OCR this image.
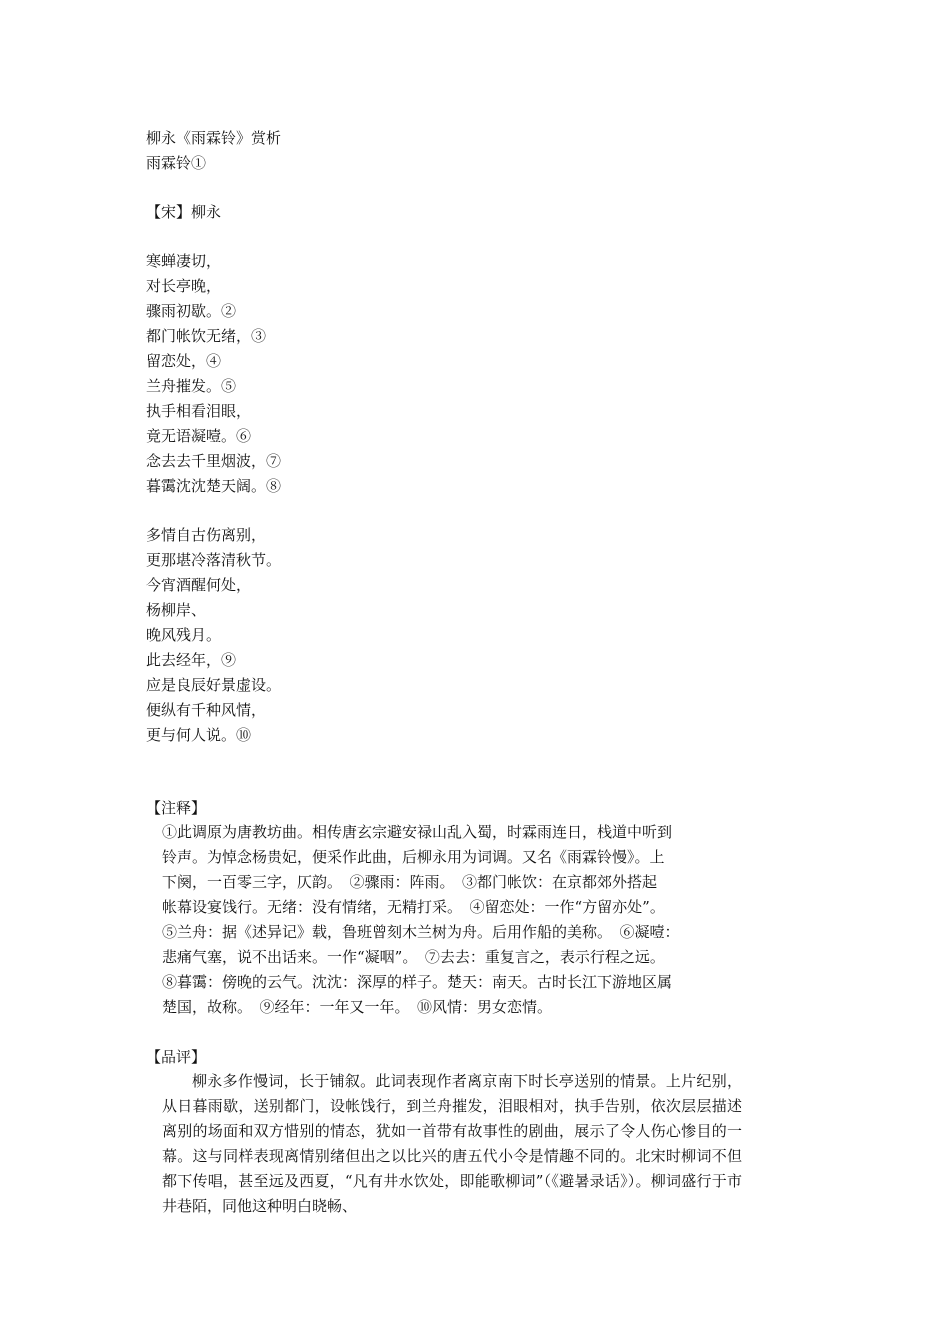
柳永《雨霖铃》赏析
雨霖铃①
【宋】柳永
寒蝉凄切，
对长亭晚，
骤雨初歇。②
都门帐饮无绪，③
留恋处，④
兰舟摧发。⑤
执手相看泪眼，
竟无语凝噎。⑥
念去去千里烟波，⑦
暮霭沈沈楚天阔。⑧
多情自古伤离别，
更那堪冷落清秋节。
今宵酒醒何处，
杨柳岸、
晚风残月。
此去经年，⑨
应是良辰好景虚设。
便纵有千种风情，
更与何人说。⑩
【注释】
①此调原为唐教坊曲。相传唐玄宗避安禄山乱入蜀，时霖雨连日，栈道中听到
铃声。为悼念杨贵妃，便采作此曲，后柳永用为词调。又名《雨霖铃慢》。上
下阕，一百零三字，仄韵。　②骤雨：阵雨。　③都门帐饮：在京都郊外搭起
帐幕设宴饯行。无绪：没有情绪，无精打采。　④留恋处：一作“方留亦处”。
⑤兰舟：据《述异记》载，鲁班曾刻木兰树为舟。后用作船的美称。　⑥凝噎：
悲痛气塞，说不出话来。一作“凝咽”。　⑦去去：重复言之，表示行程之远。
⑧暮霭：傍晚的云气。沈沈：深厚的样子。楚天：南天。古时长江下游地区属
楚国，故称。　⑨经年：一年又一年。　⑩风情：男女恋情。
【品评】
柳永多作慢词，长于铺叙。此词表现作者离京南下时长亭送别的情景。上片纪别，从日暮雨歇，送别都门，设帐饯行，到兰舟摧发，泪眼相对，执手告别，依次层层描述离别的场面和双方惜别的情态，犹如一首带有故事性的剧曲，展示了令人伤心惨目的一幕。这与同样表现离情别绪但出之以比兴的唐五代小令是情趣不同的。北宋时柳词不但都下传唱，甚至远及西夏，“凡有井水饮处，即能歌柳词”（《避暑录话》）。柳词盛行于市井巷陌，同他这种明白晓畅、
